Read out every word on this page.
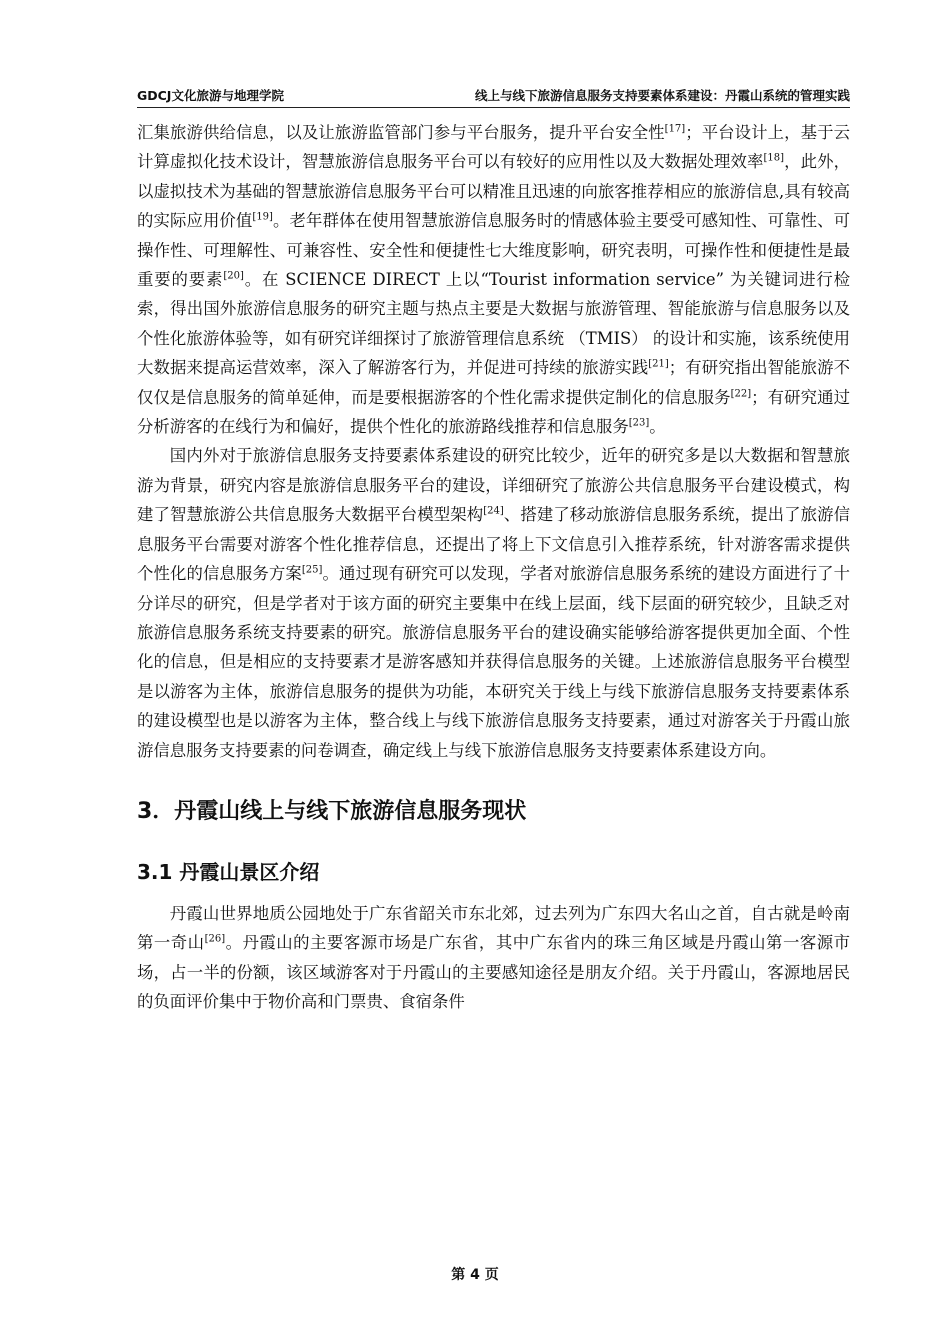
GDCJ文化旅游与地理学院	线上与线下旅游信息服务支持要素体系建设：丹霞山系统的管理实践

汇集旅游供给信息，以及让旅游监管部门参与平台服务，提升平台安全性[17]；平台设计上，基于云计算虚拟化技术设计，智慧旅游信息服务平台可以有较好的应用性以及大数据处理效率[18]，此外，以虚拟技术为基础的智慧旅游信息服务平台可以精准且迅速的向旅客推荐相应的旅游信息,具有较高的实际应用价值[19]。老年群体在使用智慧旅游信息服务时的情感体验主要受可感知性、可靠性、可操作性、可理解性、可兼容性、安全性和便捷性七大维度影响，研究表明，可操作性和便捷性是最重要的要素[20]。在 SCIENCE DIRECT 上以“Tourist information service” 为关键词进行检索，得出国外旅游信息服务的研究主题与热点主要是大数据与旅游管理、智能旅游与信息服务以及个性化旅游体验等，如有研究详细探讨了旅游管理信息系统 （TMIS） 的设计和实施，该系统使用大数据来提高运营效率，深入了解游客行为，并促进可持续的旅游实践[21]；有研究指出智能旅游不仅仅是信息服务的简单延伸，而是要根据游客的个性化需求提供定制化的信息服务[22]；有研究通过分析游客的在线行为和偏好，提供个性化的旅游路线推荐和信息服务[23]。

国内外对于旅游信息服务支持要素体系建设的研究比较少，近年的研究多是以大数据和智慧旅游为背景，研究内容是旅游信息服务平台的建设，详细研究了旅游公共信息服务平台建设模式，构建了智慧旅游公共信息服务大数据平台模型架构[24]、搭建了移动旅游信息服务系统，提出了旅游信息服务平台需要对游客个性化推荐信息，还提出了将上下文信息引入推荐系统，针对游客需求提供个性化的信息服务方案[25]。通过现有研究可以发现，学者对旅游信息服务系统的建设方面进行了十分详尽的研究，但是学者对于该方面的研究主要集中在线上层面，线下层面的研究较少，且缺乏对旅游信息服务系统支持要素的研究。旅游信息服务平台的建设确实能够给游客提供更加全面、个性化的信息，但是相应的支持要素才是游客感知并获得信息服务的关键。上述旅游信息服务平台模型是以游客为主体，旅游信息服务的提供为功能，本研究关于线上与线下旅游信息服务支持要素体系的建设模型也是以游客为主体，整合线上与线下旅游信息服务支持要素，通过对游客关于丹霞山旅游信息服务支持要素的问卷调查，确定线上与线下旅游信息服务支持要素体系建设方向。

3．丹霞山线上与线下旅游信息服务现状
3.1 丹霞山景区介绍

丹霞山世界地质公园地处于广东省韶关市东北郊，过去列为广东四大名山之首，自古就是岭南第一奇山[26]。丹霞山的主要客源市场是广东省，其中广东省内的珠三角区域是丹霞山第一客源市场，占一半的份额，该区域游客对于丹霞山的主要感知途径是朋友介绍。关于丹霞山，客源地居民的负面评价集中于物价高和门票贵、食宿条件

第 4 页
